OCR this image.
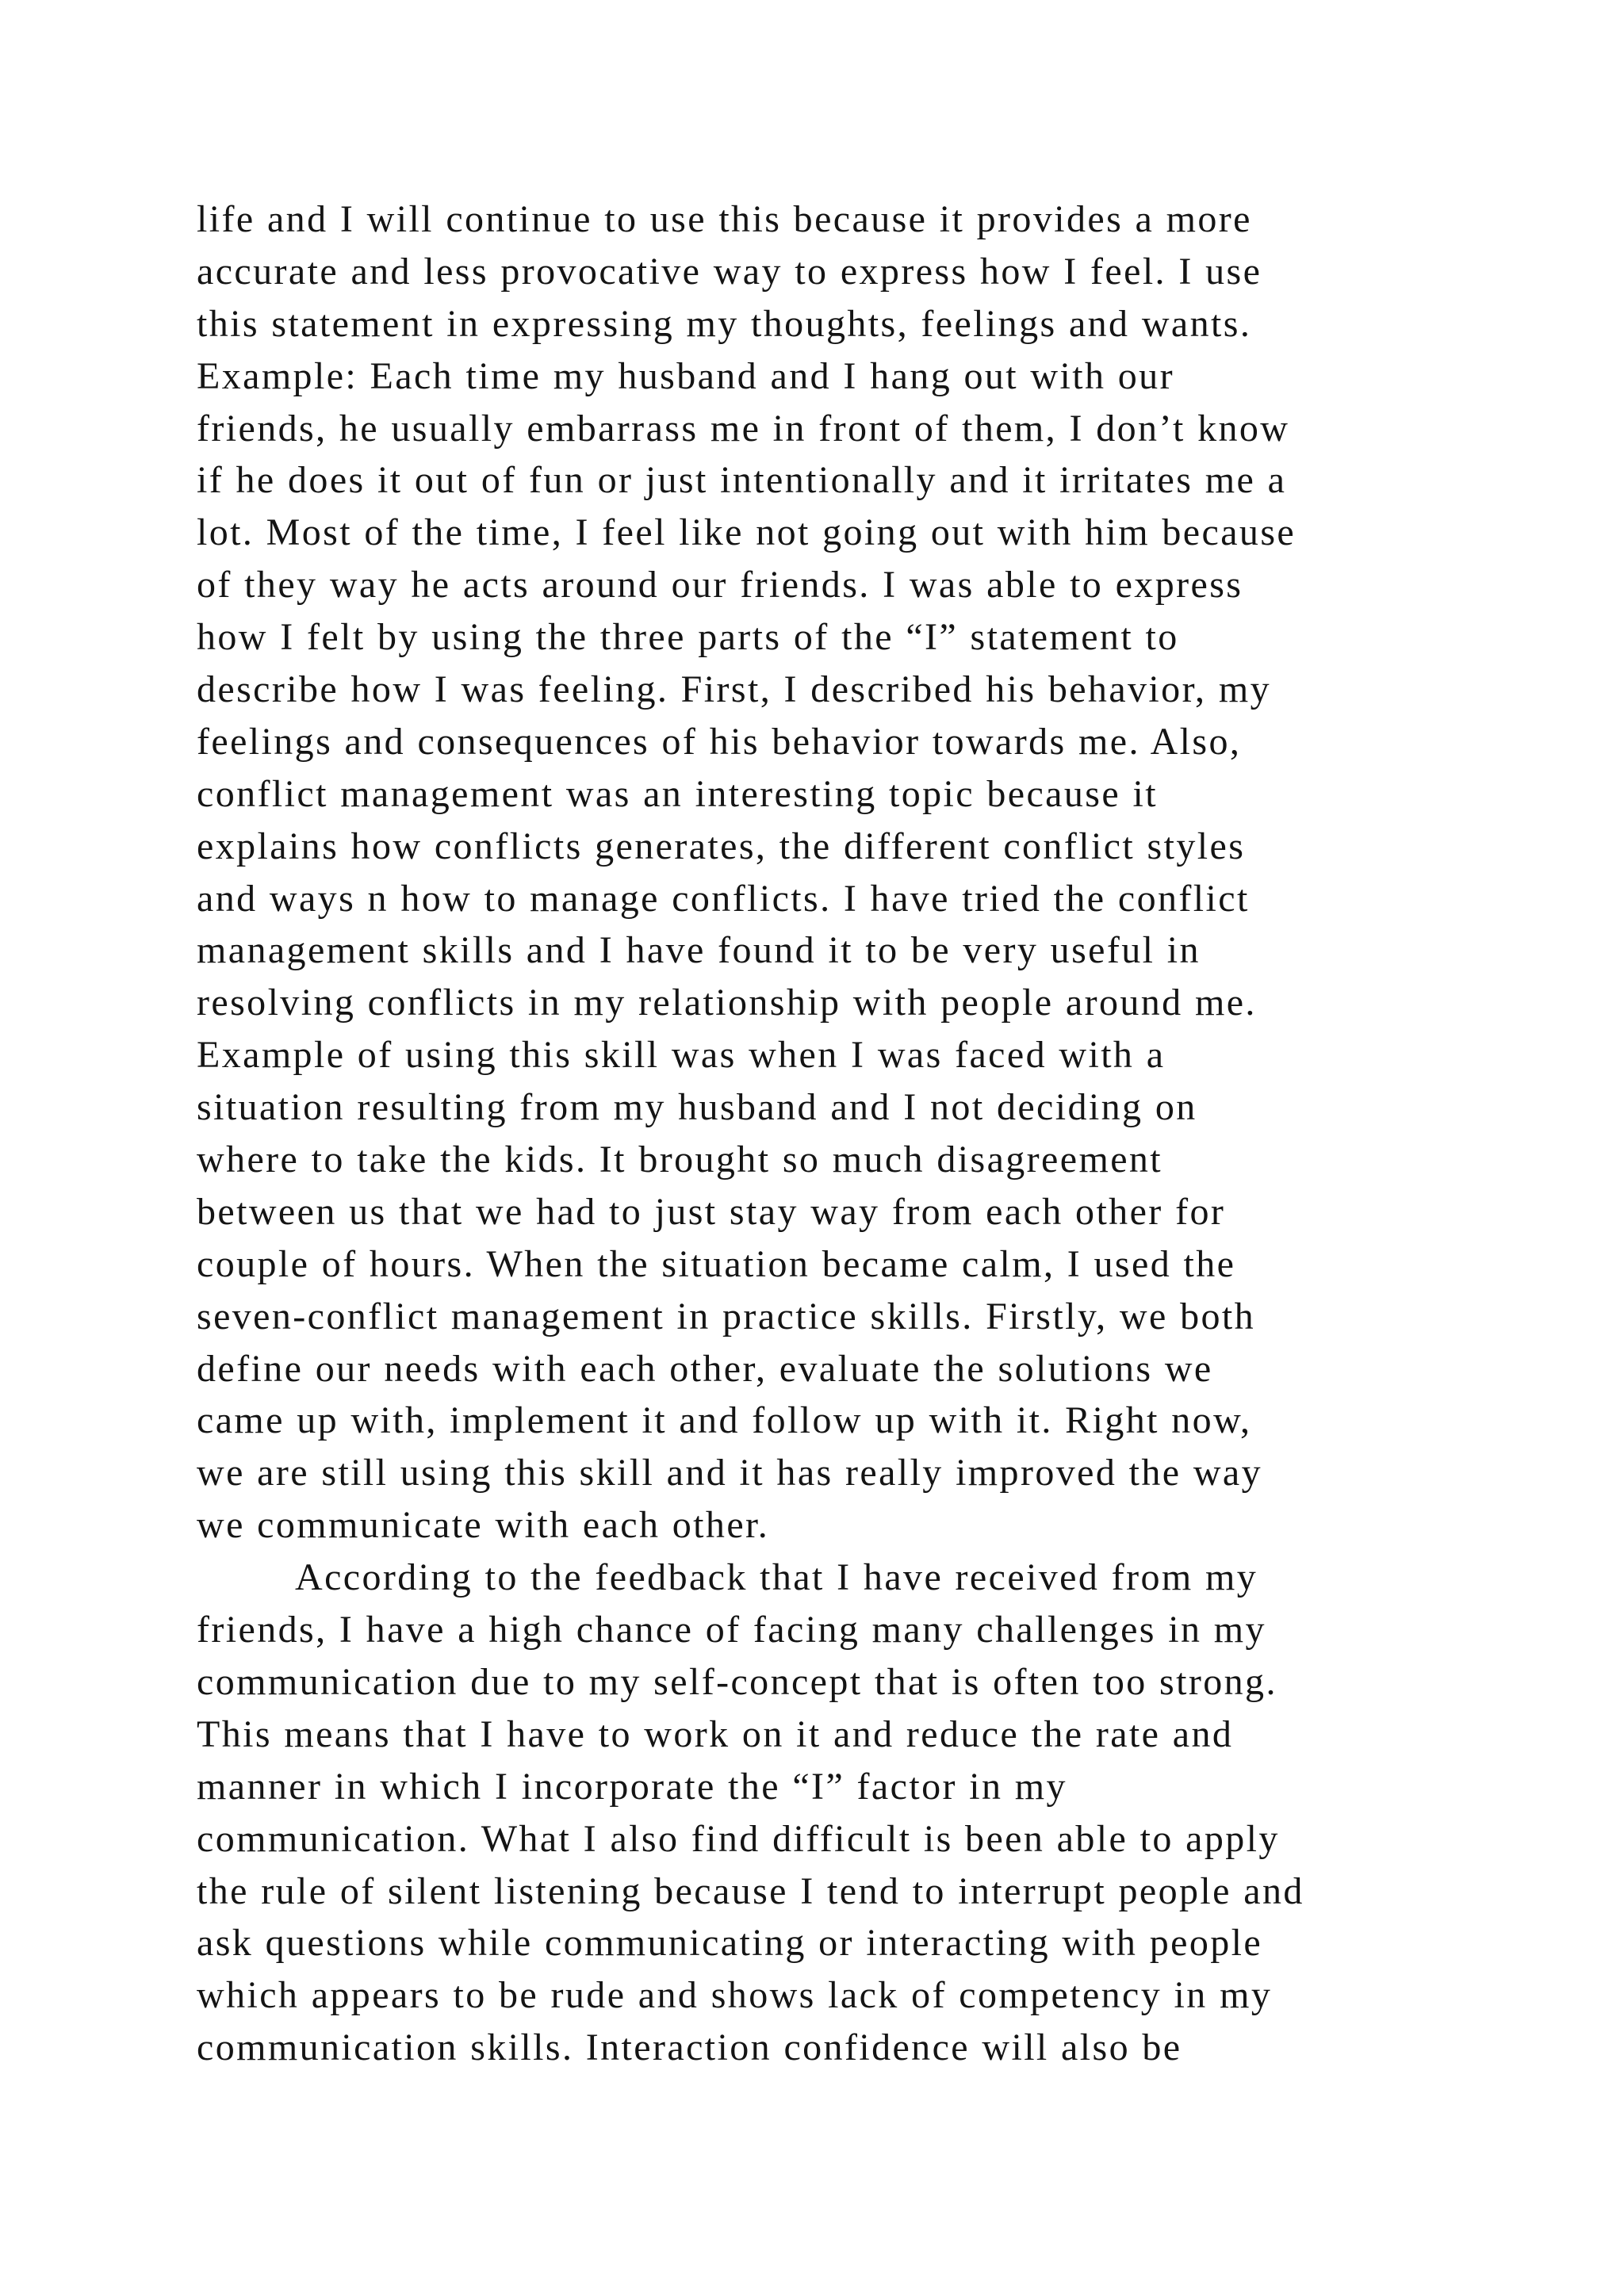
life and I will continue to use this because it provides a more
accurate and less provocative way to express how I feel. I use
this statement in expressing my thoughts, feelings and wants.
Example: Each time my husband and I hang out with our
friends, he usually embarrass me in front of them, I don’t know
if he does it out of fun or just intentionally and it irritates me a
lot. Most of the time, I feel like not going out with him because
of they way he acts around our friends. I was able to express
how I felt by using the three parts of the “I” statement to
describe how I was feeling. First, I described his behavior, my
feelings and consequences of his behavior towards me. Also,
conflict management was an interesting topic because it
explains how conflicts generates, the different conflict styles
and ways n how to manage conflicts. I have tried the conflict
management skills and I have found it to be very useful in
resolving conflicts in my relationship with people around me.
Example of using this skill was when I was faced with a
situation resulting from my husband and I not deciding on
where to take the kids. It brought so much disagreement
between us that we had to just stay way from each other for
couple of hours. When the situation became calm, I used the
seven-conflict management in practice skills. Firstly, we both
define our needs with each other, evaluate the solutions we
came up with, implement it and follow up with it. Right now,
we are still using this skill and it has really improved the way
we communicate with each other.
According to the feedback that I have received from my
friends, I have a high chance of facing many challenges in my
communication due to my self-concept that is often too strong.
This means that I have to work on it and reduce the rate and
manner in which I incorporate the “I” factor in my
communication. What I also find difficult is been able to apply
the rule of silent listening because I tend to interrupt people and
ask questions while communicating or interacting with people
which appears to be rude and shows lack of competency in my
communication skills. Interaction confidence will also be
